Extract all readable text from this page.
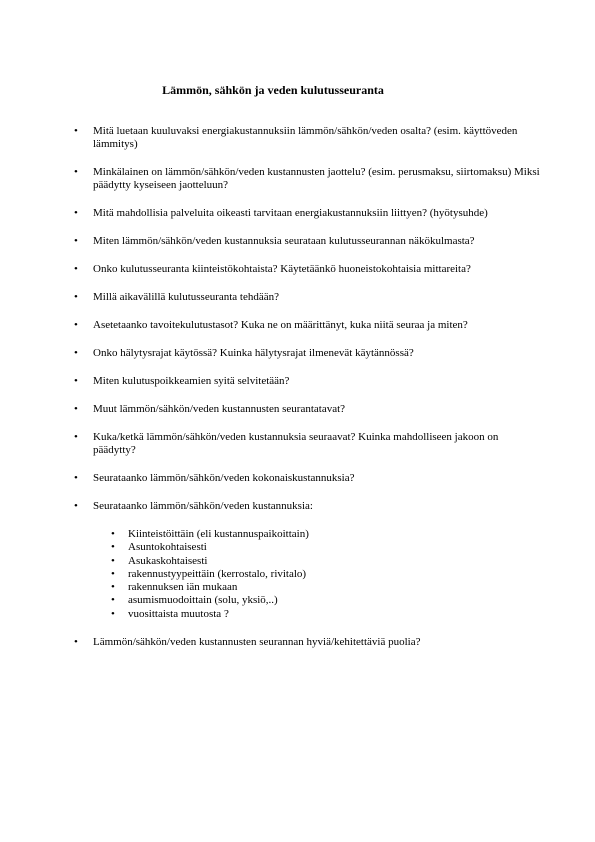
Lämmön, sähkön ja veden kulutusseuranta
• Mitä luetaan kuuluvaksi energiakustannuksiin lämmön/sähkön/veden osalta? (esim. käyttöveden lämmitys)
• Minkälainen on lämmön/sähkön/veden kustannusten jaottelu? (esim. perusmaksu, siirtomaksu) Miksi päädytty kyseiseen jaotteluun?
• Mitä mahdollisia palveluita oikeasti tarvitaan energiakustannuksiin liittyen? (hyötysuhde)
• Miten lämmön/sähkön/veden kustannuksia seurataan kulutusseurannan näkökulmasta?
• Onko kulutusseuranta kiinteistökohtaista? Käytetäänkö huoneistokohtaisia mittareita?
• Millä aikavälillä kulutusseuranta tehdään?
• Asetetaanko tavoitekulutustasot? Kuka ne on määrittänyt, kuka niitä seuraa ja miten?
• Onko hälytysrajat käytössä? Kuinka hälytysrajat ilmenevät käytännössä?
• Miten kulutuspoikkeamien syitä selvitetään?
• Muut lämmön/sähkön/veden kustannusten seurantatavat?
• Kuka/ketkä lämmön/sähkön/veden kustannuksia seuraavat? Kuinka mahdolliseen jakoon on päädytty?
• Seurataanko lämmön/sähkön/veden kokonaiskustannuksia?
• Seurataanko lämmön/sähkön/veden kustannuksia:
• Kiinteistöittäin (eli kustannuspaikoittain)
• Asuntokohtaisesti
• Asukaskohtaisesti
• rakennustyypeittäin (kerrostalo, rivitalo)
• rakennuksen iän mukaan
• asumismuodoittain (solu, yksiö,..)
• vuosittaista muutosta ?
• Lämmön/sähkön/veden kustannusten seurannan hyviä/kehitettäviä puolia?
